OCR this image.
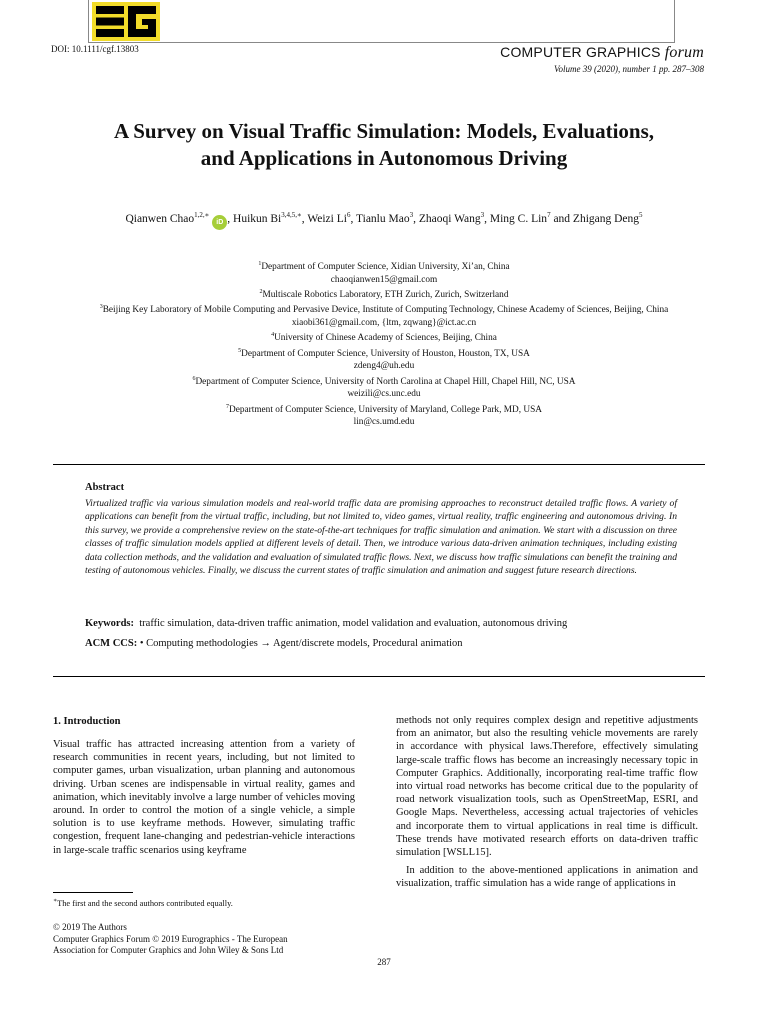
DOI: 10.1111/cgf.13803	COMPUTER GRAPHICS forum
Volume 39 (2020), number 1 pp. 287–308
A Survey on Visual Traffic Simulation: Models, Evaluations,
and Applications in Autonomous Driving
Qianwen Chao$^{1,2,∗}$ iD , Huikun $Bi^{3,4,5,∗}$, Weizi Li$^6$, Tianlu Mao$^3$, Zhaoqi Wang$^3$, Ming C. Lin$^7$ and Zhigang Deng$^5$
$^1$Department of Computer Science, Xidian University, Xi’an, China
chaoqianwen15@gmail.com
$^2$Multiscale Robotics Laboratory, ETH Zurich, Zurich, Switzerland
$^3$Beijing Key Laboratory of Mobile Computing and Pervasive Device, Institute of Computing Technology, Chinese Academy of Sciences, Beijing, China
xiaobi361@gmail.com, {ltm, zqwang}@ict.ac.cn
$^4$University of Chinese Academy of Sciences, Beijing, China
$^5$Department of Computer Science, University of Houston, Houston, TX, USA
zdeng4@uh.edu
$^6$Department of Computer Science, University of North Carolina at Chapel Hill, Chapel Hill, NC, USA
weizili@cs.unc.edu
$^7$Department of Computer Science, University of Maryland, College Park, MD, USA
lin@cs.umd.edu
Abstract
Virtualized traffic via various simulation models and real-world traffic data are promising approaches to reconstruct detailed traffic flows. A variety of applications can benefit from the virtual traffic, including, but not limited to, video games, virtual reality, traffic engineering and autonomous driving. In this survey, we provide a comprehensive review on the state-of-the-art techniques for traffic simulation and animation. We start with a discussion on three classes of traffic simulation models applied at different levels of detail. Then, we introduce various data-driven animation techniques, including existing data collection methods, and the validation and evaluation of simulated traffic flows. Next, we discuss how traffic simulations can benefit the training and testing of autonomous vehicles. Finally, we discuss the current states of traffic simulation and animation and suggest future research directions.
Keywords: traffic simulation, data-driven traffic animation, model validation and evaluation, autonomous driving
ACM CCS: • Computing methodologies → Agent/discrete models, Procedural animation
1. Introduction
Visual traffic has attracted increasing attention from a variety of research communities in recent years, including, but not limited to computer games, urban visualization, urban planning and autonomous driving. Urban scenes are indispensable in virtual reality, games and animation, which inevitably involve a large number of vehicles moving around. In order to control the motion of a single vehicle, a simple solution is to use keyframe methods. However, simulating traffic congestion, frequent lane-changing and pedestrian-vehicle interactions in large-scale traffic scenarios using keyframe

methods not only requires complex design and repetitive adjustments from an animator, but also the resulting vehicle movements are rarely in accordance with physical laws.Therefore, effectively simulating large-scale traffic flows has become an increasingly necessary topic in Computer Graphics. Additionally, incorporating real-time traffic flow into virtual road networks has become critical due to the popularity of road network visualization tools, such as OpenStreetMap, ESRI, and Google Maps. Nevertheless, accessing actual trajectories of vehicles and incorporate them to virtual applications in real time is difficult. These trends have motivated research efforts on data-driven traffic simulation [WSLL15].

In addition to the above-mentioned applications in animation and visualization, traffic simulation has a wide range of applications in

∗The first and the second authors contributed equally.
© 2019 The Authors
Computer Graphics Forum © 2019 Eurographics - The European
Association for Computer Graphics and John Wiley & Sons Ltd
287
